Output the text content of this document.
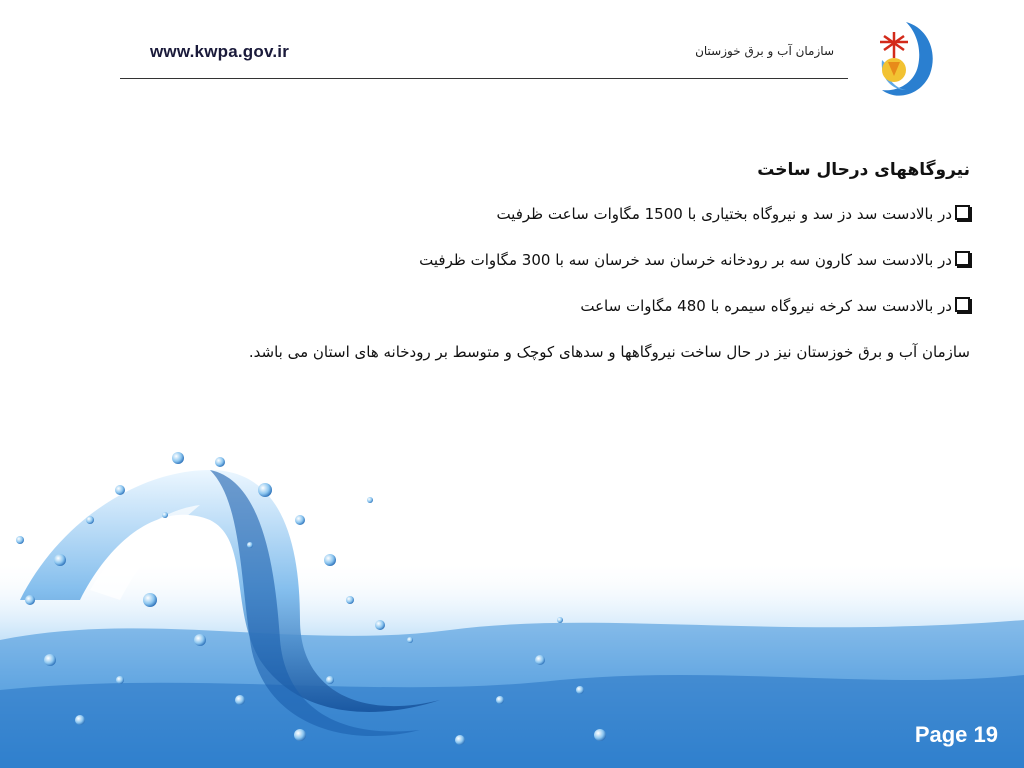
www.kwpa.gov.ir	سازمان آب و برق خوزستان
نیروگاههای درحال ساخت
در بالادست سد دز سد و نیروگاه بختیاری با 1500 مگاوات ساعت ظرفیت
در بالادست سد کارون سه بر رودخانه خرسان سد خرسان سه با 300 مگاوات ظرفیت
در بالادست سد کرخه نیروگاه سیمره با 480 مگاوات ساعت
سازمان آب و برق خوزستان نیز در حال ساخت نیروگاهها و سدهای کوچک و متوسط بر رودخانه های استان می باشد.
Page 19
